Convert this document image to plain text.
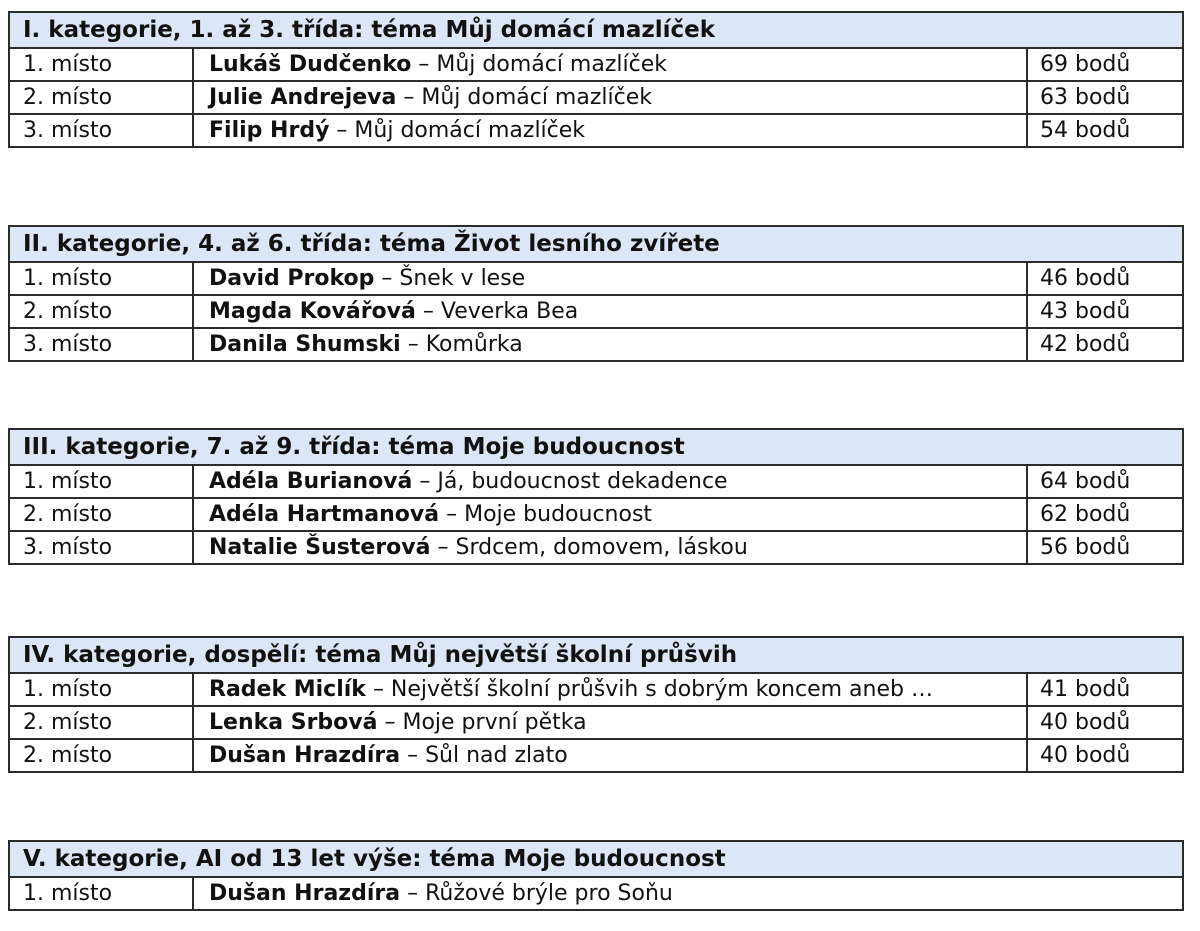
I. kategorie, 1. až 3. třída: téma Můj domácí mazlíček		
1. místo	Lukáš Dudčenko – Můj domácí mazlíček	69 bodů
2. místo	Julie Andrejeva – Můj domácí mazlíček	63 bodů
3. místo	Filip Hrdý – Můj domácí mazlíček	54 bodů
II. kategorie, 4. až 6. třída: téma Život lesního zvířete		
1. místo	David Prokop – Šnek v lese	46 bodů
2. místo	Magda Kovářová – Veverka Bea	43 bodů
3. místo	Danila Shumski – Komůrka	42 bodů
III. kategorie, 7. až 9. třída: téma Moje budoucnost		
1. místo	Adéla Burianová – Já, budoucnost dekadence	64 bodů
2. místo	Adéla Hartmanová – Moje budoucnost	62 bodů
3. místo	Natalie Šusterová – Srdcem, domovem, láskou	56 bodů
IV. kategorie, dospělí: téma Můj největší školní průšvih		
1. místo	Radek Miclík – Největší školní průšvih s dobrým koncem aneb …	41 bodů
2. místo	Lenka Srbová – Moje první pětka	40 bodů
2. místo	Dušan Hrazdíra – Sůl nad zlato	40 bodů
V. kategorie, AI od 13 let výše: téma Moje budoucnost
1. místo	Dušan Hrazdíra – Růžové brýle pro Soňu
